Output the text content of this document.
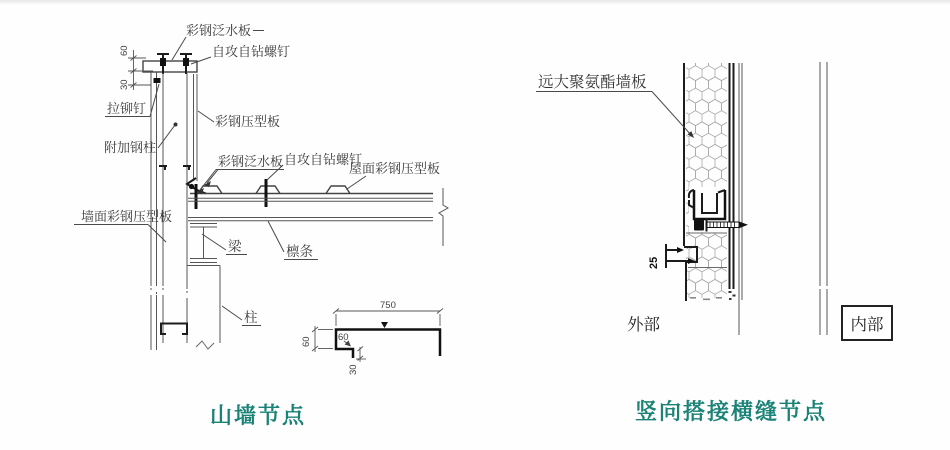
60
30
彩钢泛水板
自攻自钻螺钉
拉铆钉
附加钢柱
彩钢压型板
彩钢泛水板 自攻自钻螺钉
屋面彩钢压型板
墙面彩钢压型板
梁	檩条
柱
750
60	60
30
山墙节点
25
远大聚氨酯墙板
外部	内部
竖向搭接横缝节点
